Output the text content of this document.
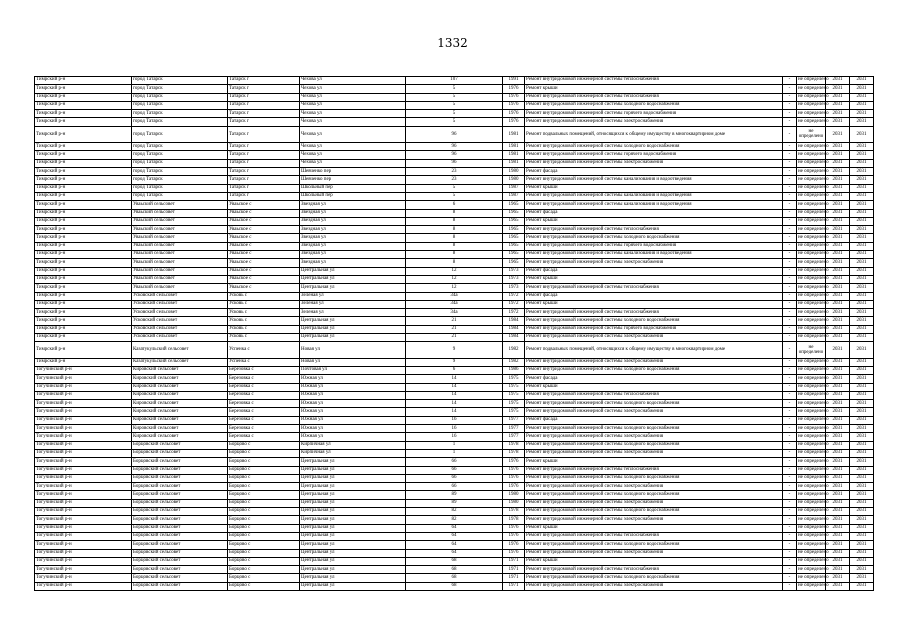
1332
Тимрский р-н	город Татарск	Татарск г	Чехова ул	107	1991	Ремонт внутридомовой инженерной системы теплоснабжения	-	не определено	2031	2031
Тимрский р-н	город Татарск	Татарск г	Чехова ул	5	1976	Ремонт крыши	-	не определено	2031	2031
Тимрский р-н	город Татарск	Татарск г	Чехова ул	5	1976	Ремонт внутридомовой инженерной системы теплоснабжения	-	не определено	2031	2031
Тимрский р-н	город Татарск	Татарск г	Чехова ул	5	1976	Ремонт внутридомовой инженерной системы холодного водоснабжения	-	не определено	2031	2031
Тимрский р-н	город Татарск	Татарск г	Чехова ул	5	1976	Ремонт внутридомовой инженерной системы горячего водоснабжения	-	не определено	2031	2031
Тимрский р-н	город Татарск	Татарск г	Чехова ул	5	1976	Ремонт внутридомовой инженерной системы электроснабжения	-	не определено	2031	2031
Тимрский р-н	город Татарск	Татарск г	Чехова ул	96	1981	Ремонт подвальных помещений, относящихся к общему имуществу в многоквартирном доме	-	не определено	2031	2031
Тимрский р-н	город Татарск	Татарск г	Чехова ул	96	1981	Ремонт внутридомовой инженерной системы холодного водоснабжения	-	не определено	2031	2031
Тимрский р-н	город Татарск	Татарск г	Чехова ул	96	1981	Ремонт внутридомовой инженерной системы горячего водоснабжения	-	не определено	2031	2031
Тимрский р-н	город Татарск	Татарск г	Чехова ул	96	1981	Ремонт внутридомовой инженерной системы электроснабжения	-	не определено	2031	2031
Тимрский р-н	город Татарск	Татарск г	Шевченко пер	23	1980	Ремонт фасада	-	не определено	2031	2031
Тимрский р-н	город Татарск	Татарск г	Шевченко пер	23	1980	Ремонт внутридомовой инженерной системы канализования и водоотведения	-	не определено	2031	2031
Тимрский р-н	город Татарск	Татарск г	Школьный пер	5	1987	Ремонт крыши	-	не определено	2031	2031
Тимрский р-н	город Татарск	Татарск г	Школьный пер	5	1987	Ремонт внутридомовой инженерной системы канализования и водоотведения	-	не определено	2031	2031
Тимрский р-н	Уваьский сельсовет	Уваьское с	Звездная ул	6	1965	Ремонт внутридомовой инженерной системы канализования и водоотведения	-	не определено	2031	2031
Тимрский р-н	Уваьский сельсовет	Уваьское с	Звездная ул	8	1965	Ремонт фасада	-	не определено	2031	2031
Тимрский р-н	Уваьский сельсовет	Уваьское с	Звездная ул	8	1965	Ремонт крыши	-	не определено	2031	2031
Тимрский р-н	Уваьский сельсовет	Уваьское с	Звездная ул	8	1965	Ремонт внутридомовой инженерной системы теплоснабжения	-	не определено	2031	2031
Тимрский р-н	Уваьский сельсовет	Уваьское с	Звездная ул	8	1965	Ремонт внутридомовой инженерной системы холодного водоснабжения	-	не определено	2031	2031
Тимрский р-н	Уваьский сельсовет	Уваьское с	Звездная ул	8	1965	Ремонт внутридомовой инженерной системы горячего водоснабжения	-	не определено	2031	2031
Тимрский р-н	Уваьский сельсовет	Уваьское с	Звездная ул	8	1965	Ремонт внутридомовой инженерной системы канализования и водоотведения	-	не определено	2031	2031
Тимрский р-н	Уваьский сельсовет	Уваьское с	Звездная ул	8	1965	Ремонт внутридомовой инженерной системы электроснабжения	-	не определено	2031	2031
Тимрский р-н	Уваьский сельсовет	Уваьское с	Центральная ул	12	1973	Ремонт фасада	-	не определено	2031	2031
Тимрский р-н	Уваьский сельсовет	Уваьское с	Центральная ул	12	1973	Ремонт крыши	-	не определено	2031	2031
Тимрский р-н	Уваьский сельсовет	Уваьское с	Центральная ул	12	1973	Ремонт внутридомовой инженерной системы теплоснабжения	-	не определено	2031	2031
Тимрский р-н	Усковский сельсовет	Усковь с	Зеленая ул	34а	1972	Ремонт фасада	-	не определено	2031	2031
Тимрский р-н	Усковский сельсовет	Усковь с	Зеленая ул	34а	1972	Ремонт крыши	-	не определено	2031	2031
Тимрский р-н	Усковский сельсовет	Усковь с	Зеленая ул	34а	1972	Ремонт внутридомовой инженерной системы теплоснабжения	-	не определено	2031	2031
Тимрский р-н	Усковский сельсовет	Усковь с	Центральная ул	21	1984	Ремонт внутридомовой инженерной системы холодного водоснабжения	-	не определено	2031	2031
Тимрский р-н	Усковский сельсовет	Усковь с	Центральная ул	21	1984	Ремонт внутридомовой инженерной системы горячего водоснабжения	-	не определено	2031	2031
Тимрский р-н	Усковский сельсовет	Усковь с	Центральная ул	21	1984	Ремонт внутридомовой инженерной системы электроснабжения	-	не определено	2031	2031
Тимрский р-н	Казатукульский сельсовет	Успенка с	Новая ул	9	1982	Ремонт подвальных помещений, относящихся к общему имуществу в многоквартирном доме	-	не определено	2031	2031
Тимрский р-н	Казатукульский сельсовет	Успенка с	Новая ул	9	1982	Ремонт внутридомовой инженерной системы электроснабжения	-	не определено	2031	2031
Тогучинский р-н	Кировский сельсовет	Березовка с	Почтовая ул	6	1986	Ремонт внутридомовой инженерной системы холодного водоснабжения	-	не определено	2031	2031
Тогучинский р-н	Кировский сельсовет	Березовка с	Южная ул	14	1975	Ремонт фасада	-	не определено	2031	2031
Тогучинский р-н	Кировский сельсовет	Березовка с	Южная ул	14	1975	Ремонт крыши	-	не определено	2031	2031
Тогучинский р-н	Кировский сельсовет	Березовка с	Южная ул	14	1975	Ремонт внутридомовой инженерной системы теплоснабжения	-	не определено	2031	2031
Тогучинский р-н	Кировский сельсовет	Березовка с	Южная ул	14	1975	Ремонт внутридомовой инженерной системы холодного водоснабжения	-	не определено	2031	2031
Тогучинский р-н	Кировский сельсовет	Березовка с	Южная ул	14	1975	Ремонт внутридомовой инженерной системы электроснабжения	-	не определено	2031	2031
Тогучинский р-н	Кировский сельсовет	Березовка с	Южная ул	16	1977	Ремонт фасада	-	не определено	2031	2031
Тогучинский р-н	Кировский сельсовет	Березовка с	Южная ул	16	1977	Ремонт внутридомовой инженерной системы холодного водоснабжения	-	не определено	2031	2031
Тогучинский р-н	Кировский сельсовет	Березовка с	Южная ул	16	1977	Ремонт внутридомовой инженерной системы электроснабжения	-	не определено	2031	2031
Тогучинский р-н	Борцовский сельсовет	Борцово с	Кирпичная ул	1	1978	Ремонт внутридомовой инженерной системы холодного водоснабжения	-	не определено	2031	2031
Тогучинский р-н	Борцовский сельсовет	Борцово с	Кирпичная ул	1	1978	Ремонт внутридомовой инженерной системы электроснабжения	-	не определено	2031	2031
Тогучинский р-н	Борцовский сельсовет	Борцово с	Центральная ул	66	1976	Ремонт крыши	-	не определено	2031	2031
Тогучинский р-н	Борцовский сельсовет	Борцово с	Центральная ул	66	1976	Ремонт внутридомовой инженерной системы теплоснабжения	-	не определено	2031	2031
Тогучинский р-н	Борцовский сельсовет	Борцово с	Центральная ул	66	1976	Ремонт внутридомовой инженерной системы холодного водоснабжения	-	не определено	2031	2031
Тогучинский р-н	Борцовский сельсовет	Борцово с	Центральная ул	66	1976	Ремонт внутридомовой инженерной системы электроснабжения	-	не определено	2031	2031
Тогучинский р-н	Борцовский сельсовет	Борцово с	Центральная ул	89	1980	Ремонт внутридомовой инженерной системы холодного водоснабжения	-	не определено	2031	2031
Тогучинский р-н	Борцовский сельсовет	Борцово с	Центральная ул	89	1980	Ремонт внутридомовой инженерной системы электроснабжения	-	не определено	2031	2031
Тогучинский р-н	Борцовский сельсовет	Борцово с	Центральная ул	82	1978	Ремонт внутридомовой инженерной системы холодного водоснабжения	-	не определено	2031	2031
Тогучинский р-н	Борцовский сельсовет	Борцово с	Центральная ул	82	1978	Ремонт внутридомовой инженерной системы электроснабжения	-	не определено	2031	2031
Тогучинский р-н	Борцовский сельсовет	Борцово с	Центральная ул	64	1976	Ремонт крыши	-	не определено	2031	2031
Тогучинский р-н	Борцовский сельсовет	Борцово с	Центральная ул	64	1976	Ремонт внутридомовой инженерной системы теплоснабжения	-	не определено	2031	2031
Тогучинский р-н	Борцовский сельсовет	Борцово с	Центральная ул	64	1976	Ремонт внутридомовой инженерной системы холодного водоснабжения	-	не определено	2031	2031
Тогучинский р-н	Борцовский сельсовет	Борцово с	Центральная ул	64	1976	Ремонт внутридомовой инженерной системы электроснабжения	-	не определено	2031	2031
Тогучинский р-н	Борцовский сельсовет	Борцово с	Центральная ул	68	1971	Ремонт крыши	-	не определено	2031	2031
Тогучинский р-н	Борцовский сельсовет	Борцово с	Центральная ул	68	1971	Ремонт внутридомовой инженерной системы теплоснабжения	-	не определено	2031	2031
Тогучинский р-н	Борцовский сельсовет	Борцово с	Центральная ул	68	1971	Ремонт внутридомовой инженерной системы холодного водоснабжения	-	не определено	2031	2031
Тогучинский р-н	Борцовский сельсовет	Борцово с	Центральная ул	68	1971	Ремонт внутридомовой инженерной системы электроснабжения	-	не определено	2031	2031
